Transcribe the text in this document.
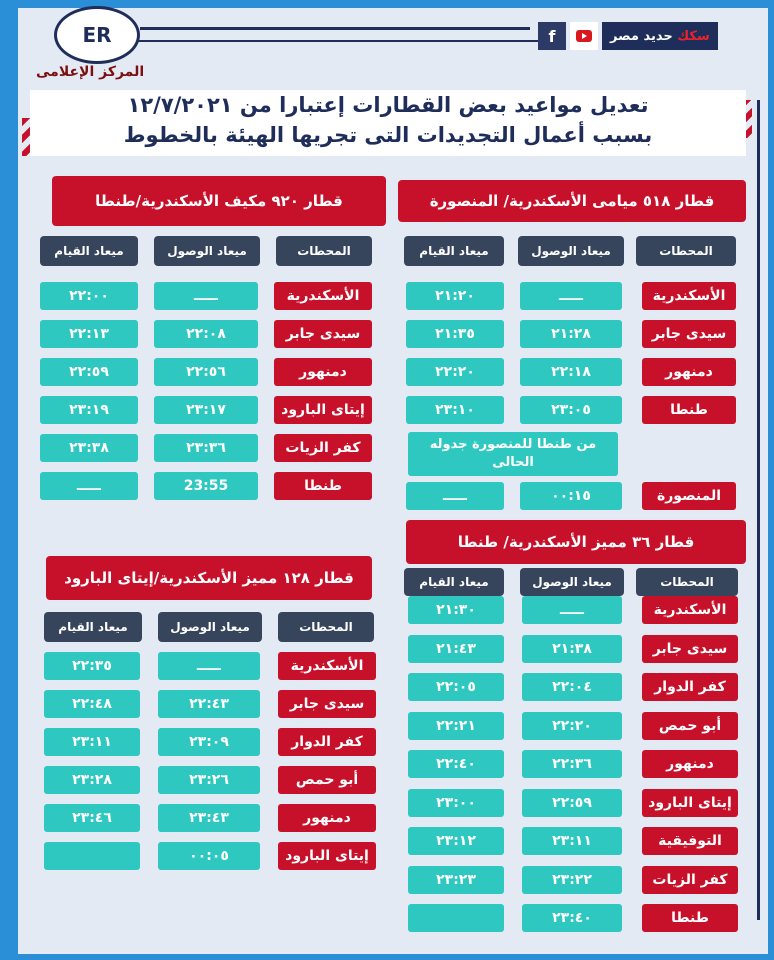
ER
المركز الإعلامى
f	حديد مصر
سكك
تعديل مواعيد بعض القطارات إعتبارا من ١٢/٧/٢٠٢١
بسبب أعمال التجديدات التى تجريها الهيئة بالخطوط
قطار ٥١٨ ميامى الأسكندرية/ المنصورة
المحطات
ميعاد الوصول
ميعاد القيام
الأسكندرية
ـــــ
٢١:٢٠
سيدى جابر
٢١:٢٨
٢١:٣٥
دمنهور
٢٢:١٨
٢٢:٢٠
طنطا
٢٣:٠٥
٢٣:١٠
من طنطا للمنصورة جدوله الحالى
المنصورة
٠٠:١٥
ـــــ
قطار ٩٢٠ مكيف الأسكندرية/طنطا
المحطات
ميعاد الوصول
ميعاد القيام
الأسكندرية
ـــــ
٢٢:٠٠
سيدى جابر
٢٢:٠٨
٢٢:١٣
دمنهور
٢٢:٥٦
٢٢:٥٩
إيتاى البارود
٢٣:١٧
٢٣:١٩
كفر الزيات
٢٣:٣٦
٢٣:٣٨
طنطا
23:55
ـــــ
قطار ٣٦ مميز الأسكندرية/ طنطا
المحطات
ميعاد الوصول
ميعاد القيام
الأسكندرية
ـــــ
٢١:٣٠
سيدى جابر
٢١:٣٨
٢١:٤٣
كفر الدوار
٢٢:٠٤
٢٢:٠٥
أبو حمص
٢٢:٢٠
٢٢:٢١
دمنهور
٢٢:٣٦
٢٢:٤٠
إيتاى البارود
٢٢:٥٩
٢٣:٠٠
التوفيقية
٢٣:١١
٢٣:١٢
كفر الزيات
٢٣:٢٢
٢٣:٢٣
طنطا
٢٣:٤٠
قطار ١٢٨ مميز الأسكندرية/إيتاى البارود
المحطات
ميعاد الوصول
ميعاد القيام
الأسكندرية
ـــــ
٢٢:٣٥
سيدى جابر
٢٢:٤٣
٢٢:٤٨
كفر الدوار
٢٣:٠٩
٢٣:١١
أبو حمص
٢٣:٢٦
٢٣:٢٨
دمنهور
٢٣:٤٣
٢٣:٤٦
إيتاى البارود
٠٠:٠٥
